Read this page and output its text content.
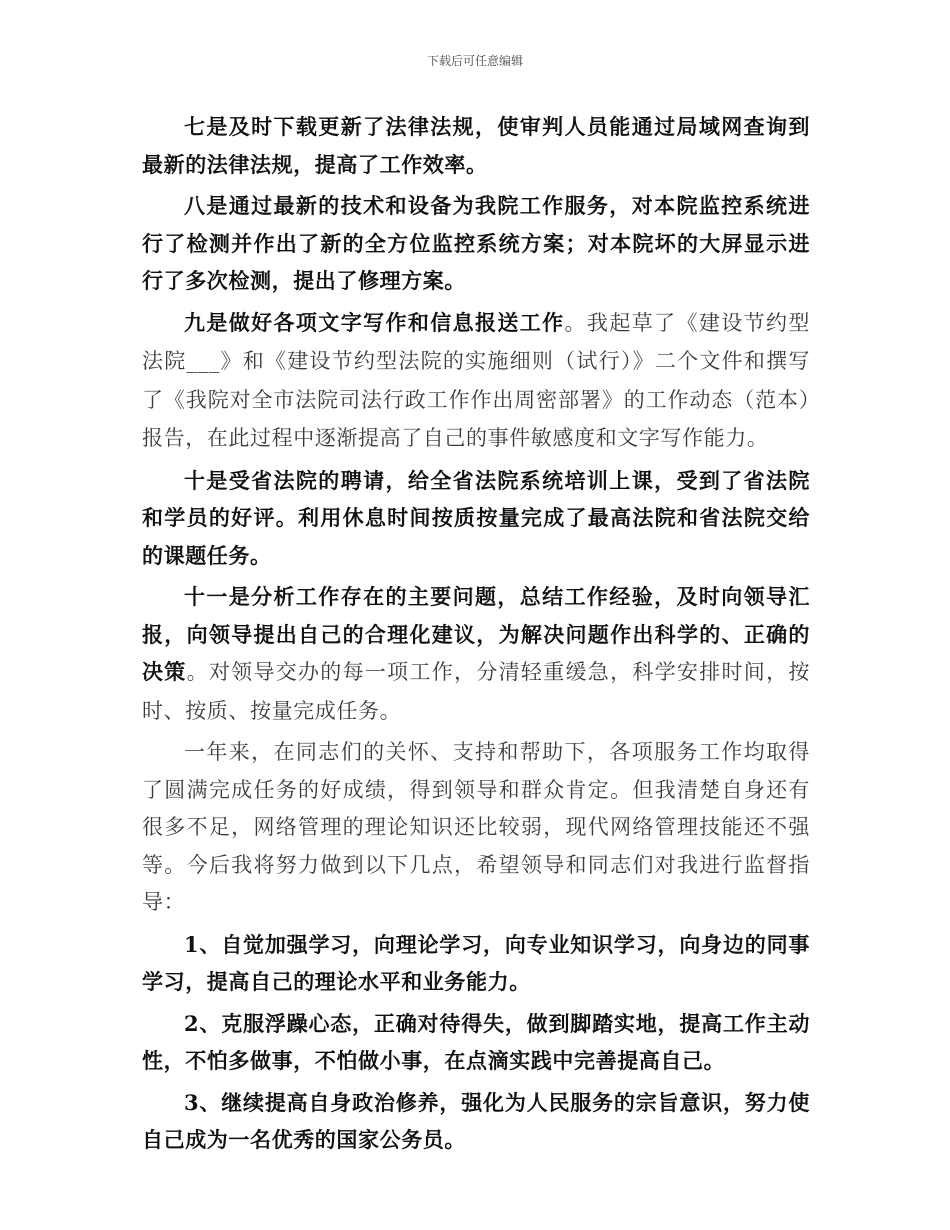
下载后可任意编辑

七是及时下载更新了法律法规，使审判人员能通过局域网查询到最新的法律法规，提高了工作效率。

八是通过最新的技术和设备为我院工作服务，对本院监控系统进行了检测并作出了新的全方位监控系统方案；对本院坏的大屏显示进行了多次检测，提出了修理方案。

九是做好各项文字写作和信息报送工作。我起草了《建设节约型法院___》和《建设节约型法院的实施细则（试行）》二个文件和撰写了《我院对全市法院司法行政工作作出周密部署》的工作动态（范本）报告，在此过程中逐渐提高了自己的事件敏感度和文字写作能力。

十是受省法院的聘请，给全省法院系统培训上课，受到了省法院和学员的好评。利用休息时间按质按量完成了最高法院和省法院交给的课题任务。

十一是分析工作存在的主要问题，总结工作经验，及时向领导汇报，向领导提出自己的合理化建议，为解决问题作出科学的、正确的决策。对领导交办的每一项工作，分清轻重缓急，科学安排时间，按时、按质、按量完成任务。

一年来，在同志们的关怀、支持和帮助下，各项服务工作均取得了圆满完成任务的好成绩，得到领导和群众肯定。但我清楚自身还有很多不足，网络管理的理论知识还比较弱，现代网络管理技能还不强等。今后我将努力做到以下几点，希望领导和同志们对我进行监督指导：

1、自觉加强学习，向理论学习，向专业知识学习，向身边的同事学习，提高自己的理论水平和业务能力。

2、克服浮躁心态，正确对待得失，做到脚踏实地，提高工作主动性，不怕多做事，不怕做小事，在点滴实践中完善提高自己。

3、继续提高自身政治修养，强化为人民服务的宗旨意识，努力使自己成为一名优秀的国家公务员。
